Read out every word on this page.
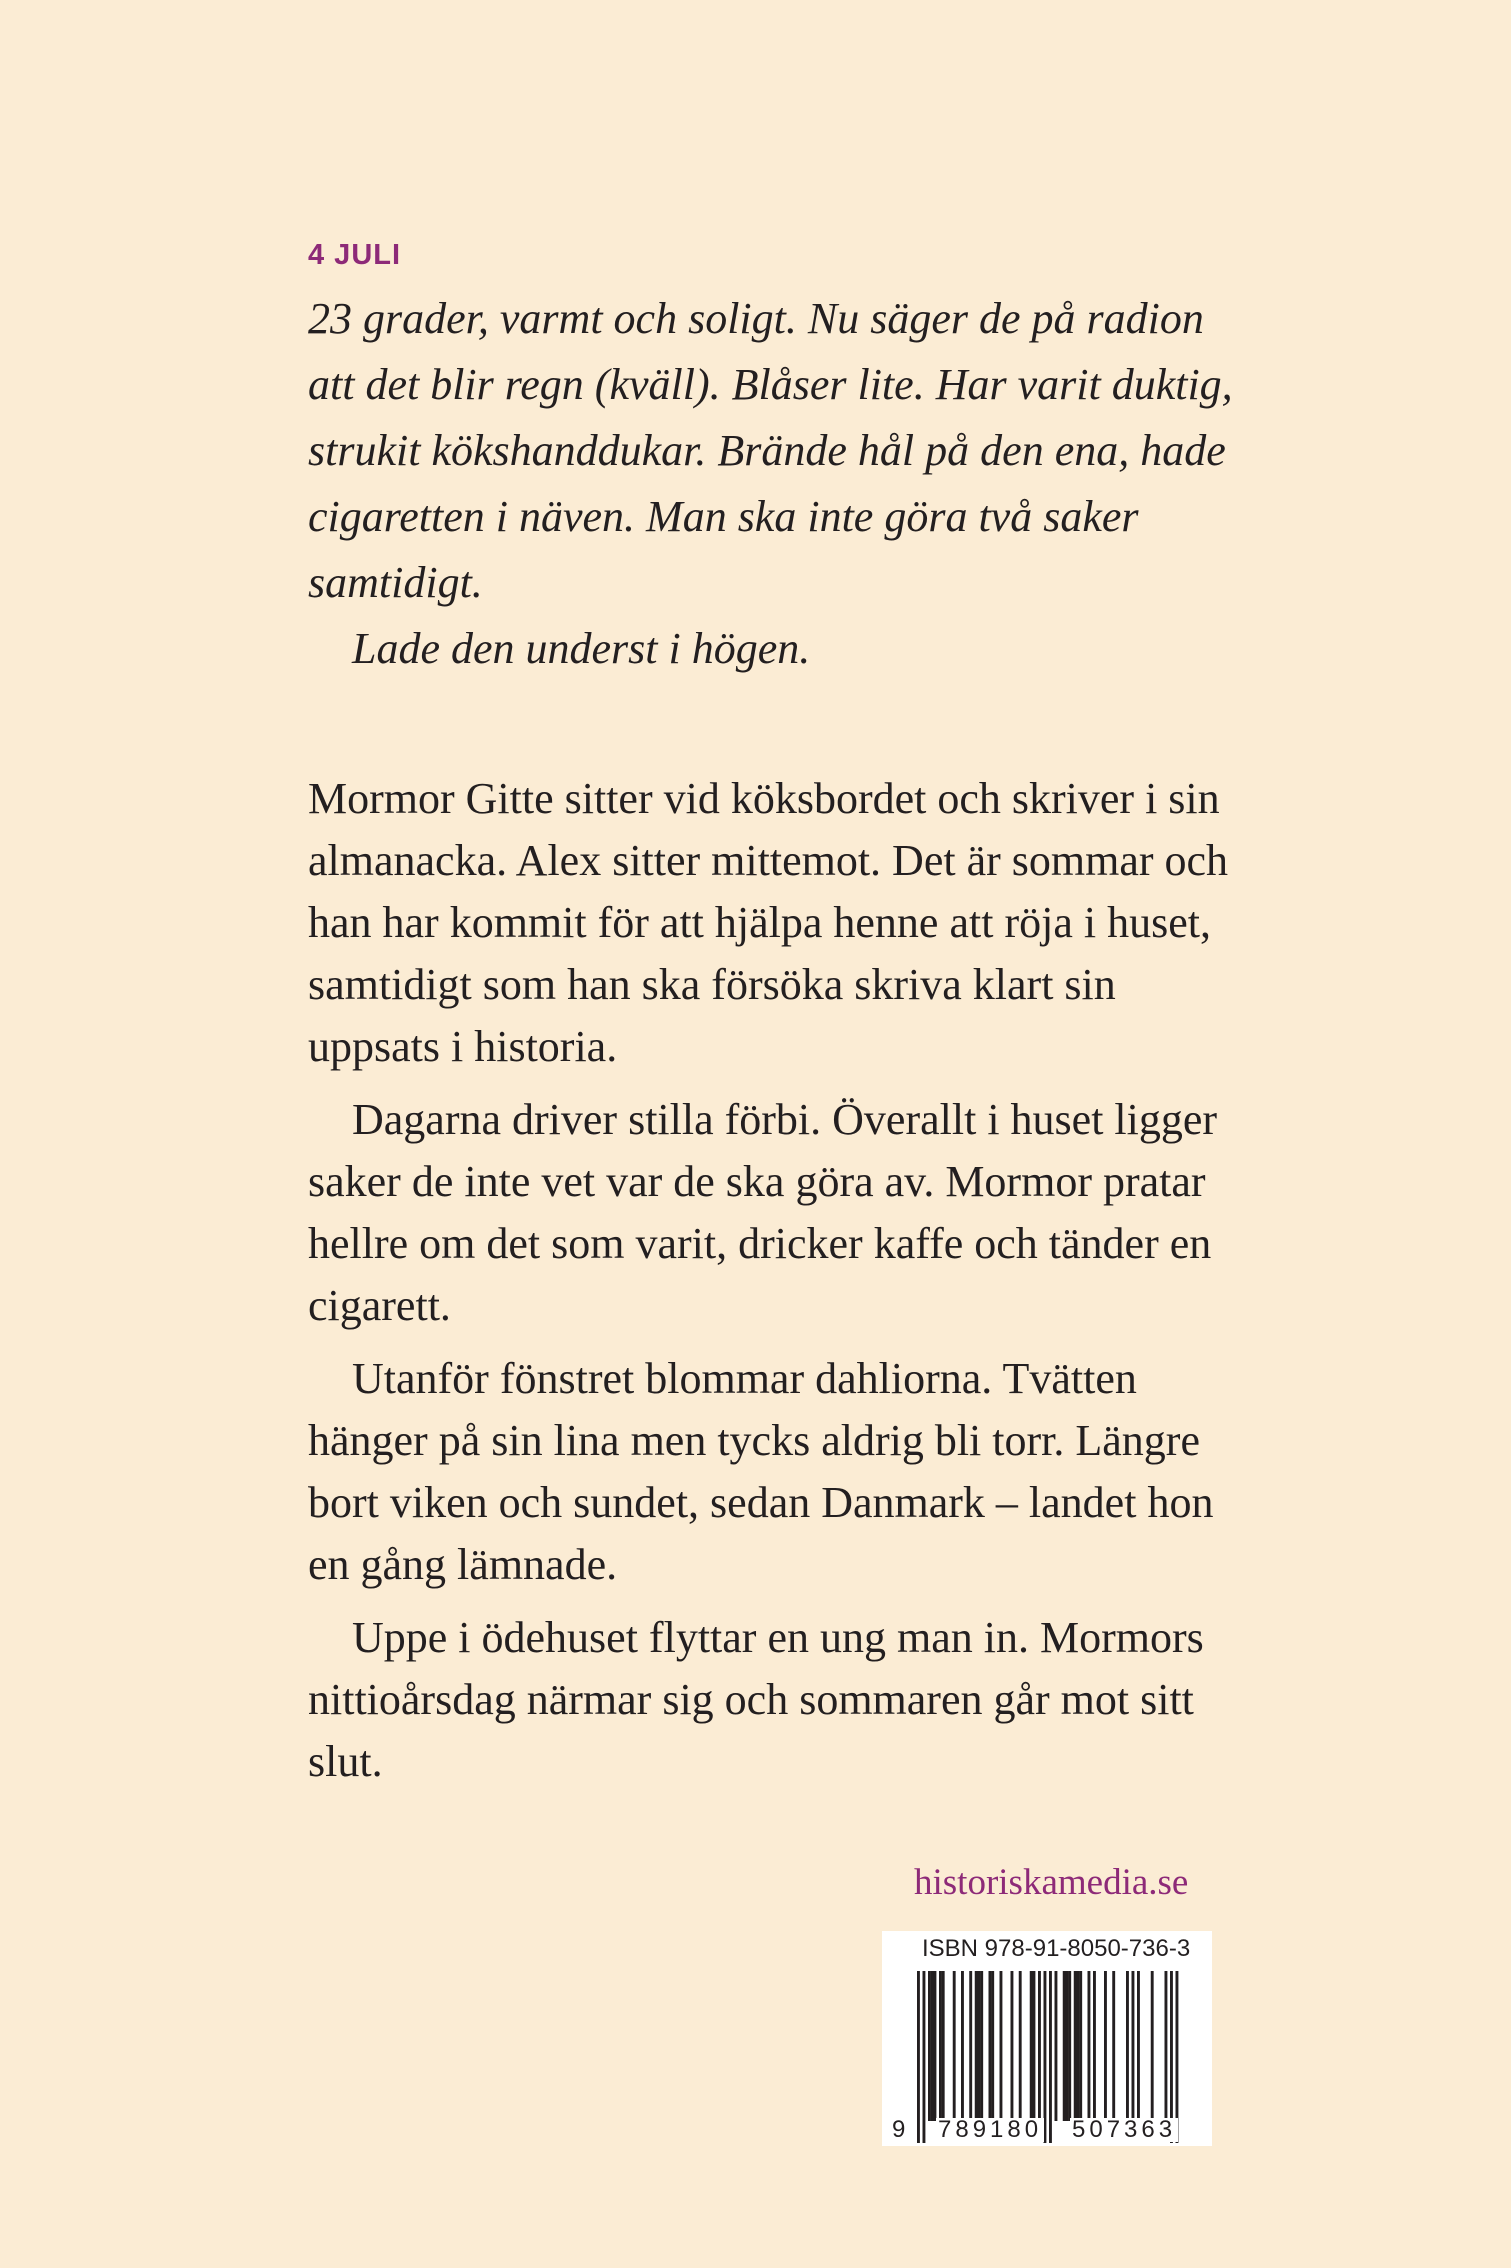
4 JULI

23 grader, varmt och soligt. Nu säger de på radion att det blir regn (kväll). Blåser lite. Har varit duktig, strukit kökshanddukar. Brände hål på den ena, hade cigaretten i näven. Man ska inte göra två saker samtidigt.

Lade den underst i högen.

Mormor Gitte sitter vid köksbordet och skriver i sin almanacka. Alex sitter mittemot. Det är sommar och han har kommit för att hjälpa henne att röja i huset, samtidigt som han ska försöka skriva klart sin uppsats i historia.

Dagarna driver stilla förbi. Överallt i huset ligger saker de inte vet var de ska göra av. Mormor pratar hellre om det som varit, dricker kaffe och tänder en cigarett.

Utanför fönstret blommar dahliorna. Tvätten hänger på sin lina men tycks aldrig bli torr. Längre bort viken och sundet, sedan Danmark – landet hon en gång lämnade.

Uppe i ödehuset flyttar en ung man in. Mormors nittioårsdag närmar sig och sommaren går mot sitt slut.

historiskamedia.se
ISBN 978-91-8050-736-3
9 789180 507363
